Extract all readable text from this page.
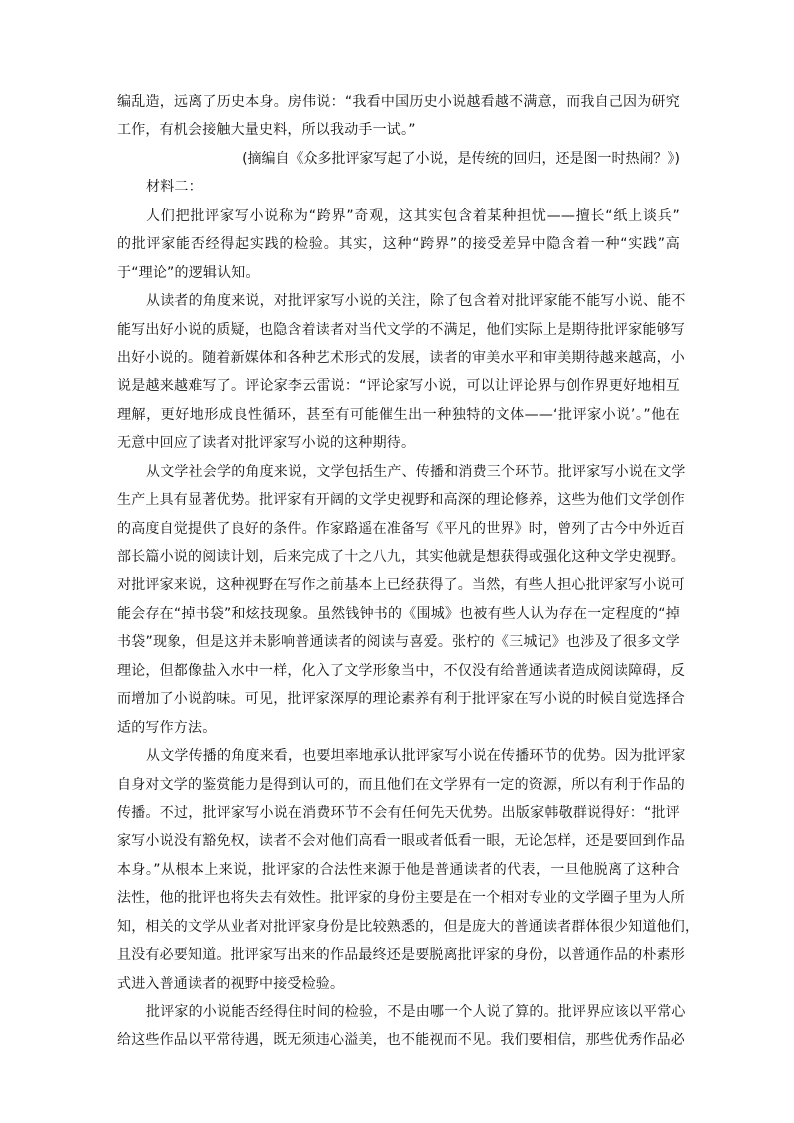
编乱造，远离了历史本身。房伟说：“我看中国历史小说越看越不满意，而我自己因为研究
工作，有机会接触大量史料，所以我动手一试。”
(摘编自《众多批评家写起了小说，是传统的回归，还是图一时热闹？》)
材料二：
人们把批评家写小说称为“跨界”奇观，这其实包含着某种担忧——擅长“纸上谈兵”
的批评家能否经得起实践的检验。其实，这种“跨界”的接受差异中隐含着一种“实践”高
于“理论”的逻辑认知。
从读者的角度来说，对批评家写小说的关注，除了包含着对批评家能不能写小说、能不
能写出好小说的质疑，也隐含着读者对当代文学的不满足，他们实际上是期待批评家能够写
出好小说的。随着新媒体和各种艺术形式的发展，读者的审美水平和审美期待越来越高，小
说是越来越难写了。评论家李云雷说：“评论家写小说，可以让评论界与创作界更好地相互
理解，更好地形成良性循环，甚至有可能催生出一种独特的文体——‘批评家小说’。”他在
无意中回应了读者对批评家写小说的这种期待。
从文学社会学的角度来说，文学包括生产、传播和消费三个环节。批评家写小说在文学
生产上具有显著优势。批评家有开阔的文学史视野和高深的理论修养，这些为他们文学创作
的高度自觉提供了良好的条件。作家路遥在准备写《平凡的世界》时，曾列了古今中外近百
部长篇小说的阅读计划，后来完成了十之八九，其实他就是想获得或强化这种文学史视野。
对批评家来说，这种视野在写作之前基本上已经获得了。当然，有些人担心批评家写小说可
能会存在“掉书袋”和炫技现象。虽然钱钟书的《围城》也被有些人认为存在一定程度的“掉
书袋”现象，但是这并未影响普通读者的阅读与喜爱。张柠的《三城记》也涉及了很多文学
理论，但都像盐入水中一样，化入了文学形象当中，不仅没有给普通读者造成阅读障碍，反
而增加了小说韵味。可见，批评家深厚的理论素养有利于批评家在写小说的时候自觉选择合
适的写作方法。
从文学传播的角度来看，也要坦率地承认批评家写小说在传播环节的优势。因为批评家
自身对文学的鉴赏能力是得到认可的，而且他们在文学界有一定的资源，所以有利于作品的
传播。不过，批评家写小说在消费环节不会有任何先天优势。出版家韩敬群说得好：“批评
家写小说没有豁免权，读者不会对他们高看一眼或者低看一眼，无论怎样，还是要回到作品
本身。”从根本上来说，批评家的合法性来源于他是普通读者的代表，一旦他脱离了这种合
法性，他的批评也将失去有效性。批评家的身份主要是在一个相对专业的文学圈子里为人所
知，相关的文学从业者对批评家身份是比较熟悉的，但是庞大的普通读者群体很少知道他们，
且没有必要知道。批评家写出来的作品最终还是要脱离批评家的身份，以普通作品的朴素形
式进入普通读者的视野中接受检验。
批评家的小说能否经得住时间的检验，不是由哪一个人说了算的。批评界应该以平常心
给这些作品以平常待遇，既无须违心溢美，也不能视而不见。我们要相信，那些优秀作品必
